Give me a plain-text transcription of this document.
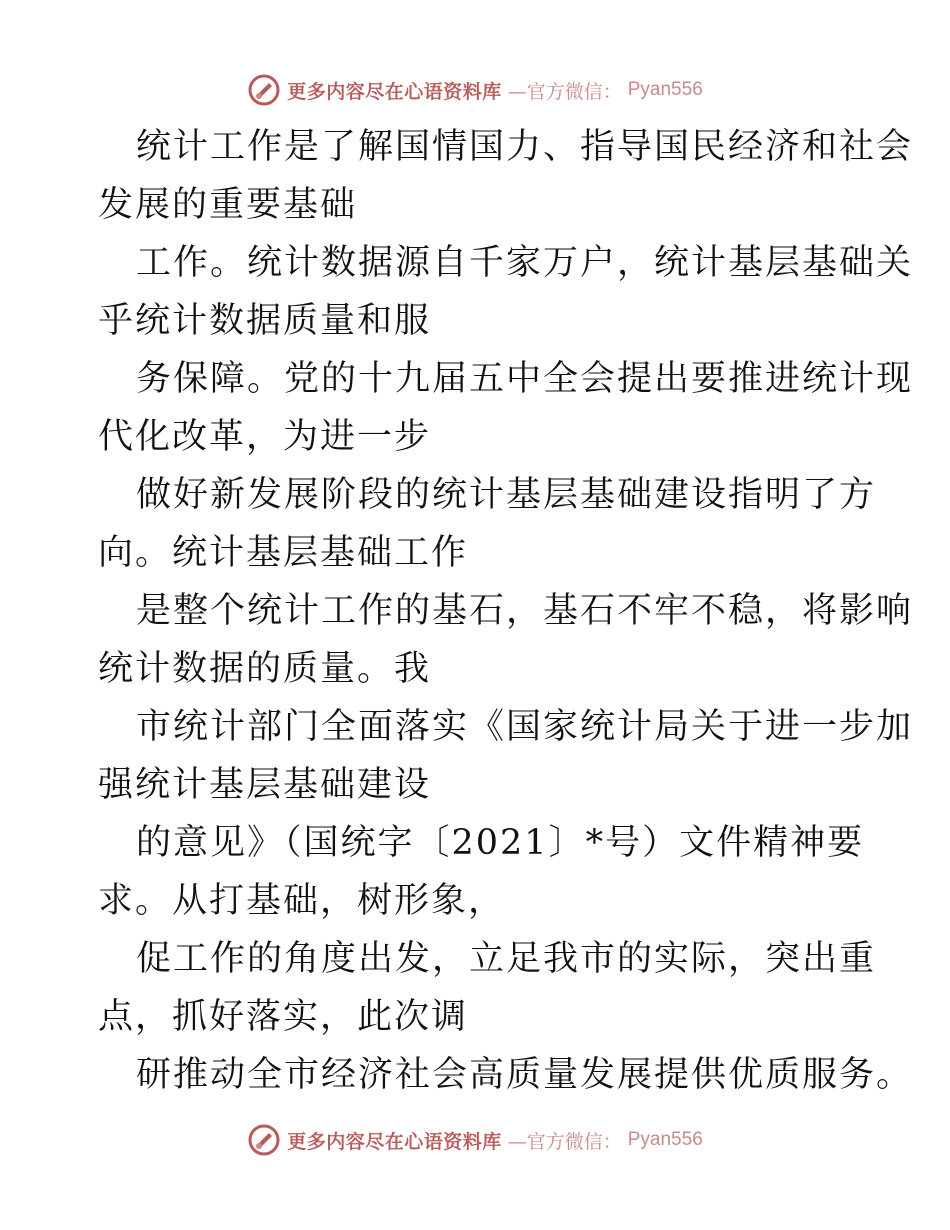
更多内容尽在心语资料库 —官方微信： Pyan556
统计工作是了解国情国力、指导国民经济和社会
发展的重要基础
工作。统计数据源自千家万户，统计基层基础关
乎统计数据质量和服
务保障。党的十九届五中全会提出要推进统计现
代化改革，为进一步
做好新发展阶段的统计基层基础建设指明了方
向。统计基层基础工作
是整个统计工作的基石，基石不牢不稳，将影响
统计数据的质量。我
市统计部门全面落实《国家统计局关于进一步加
强统计基层基础建设
的意见》（国统字〔2021〕*号）文件精神要
求。从打基础，树形象，
促工作的角度出发，立足我市的实际，突出重
点，抓好落实，此次调
研推动全市经济社会高质量发展提供优质服务。
更多内容尽在心语资料库 —官方微信： Pyan556
